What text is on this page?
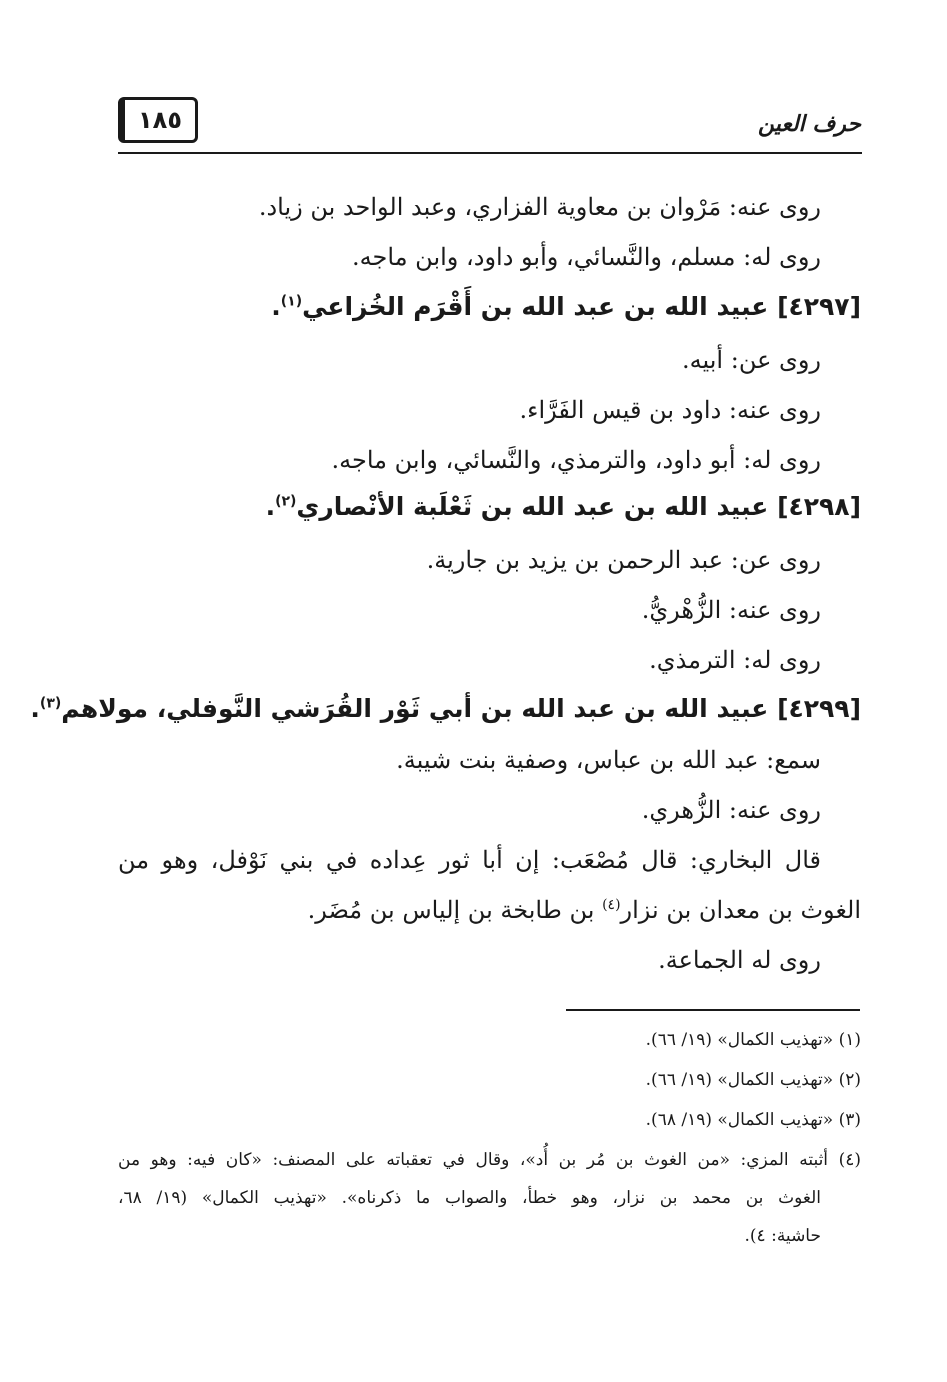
١٨٥	حرف العين
روى عنه: مَرْوان بن معاوية الفزاري، وعبد الواحد بن زياد.
روى له: مسلم، والنَّسائي، وأبو داود، وابن ماجه.
[٤٢٩٧] عبيد الله بن عبد الله بن أَقْرَم الخُزاعي$^{(١)}$.
روى عن: أبيه.
روى عنه: داود بن قيس الفَرَّاء.
روى له: أبو داود، والترمذي، والنَّسائي، وابن ماجه.
[٤٢٩٨] عبيد الله بن عبد الله بن ثَعْلَبة الأنْصاري$^{(٢)}$.
روى عن: عبد الرحمن بن يزيد بن جارية.
روى عنه: الزُّهْريُّ.
روى له: الترمذي.
[٤٢٩٩] عبيد الله بن عبد الله بن أبي ثَوْر القُرَشي النَّوفلي، مولاهم$^{(٣)}$.
سمع: عبد الله بن عباس، وصفية بنت شيبة.
روى عنه: الزُّهري.
قال البخاري: قال مُصْعَب: إن أبا ثور عِداده في بني نَوْفل، وهو من
الغوث بن معدان بن نزار$^{(٤)}$ بن طابخة بن إلياس بن مُضَر.
روى له الجماعة.
(١) «تهذيب الكمال» (١٩/ ٦٦).
(٢) «تهذيب الكمال» (١٩/ ٦٦).
(٣) «تهذيب الكمال» (١٩/ ٦٨).
(٤) أثبته المزي: «من الغوث بن مُر بن أُد»، وقال في تعقباته على المصنف: «كان فيه: وهو من
الغوث بن محمد بن نزار، وهو خطأ، والصواب ما ذكرناه». «تهذيب الكمال» (١٩/ ٦٨،
حاشية: ٤).
